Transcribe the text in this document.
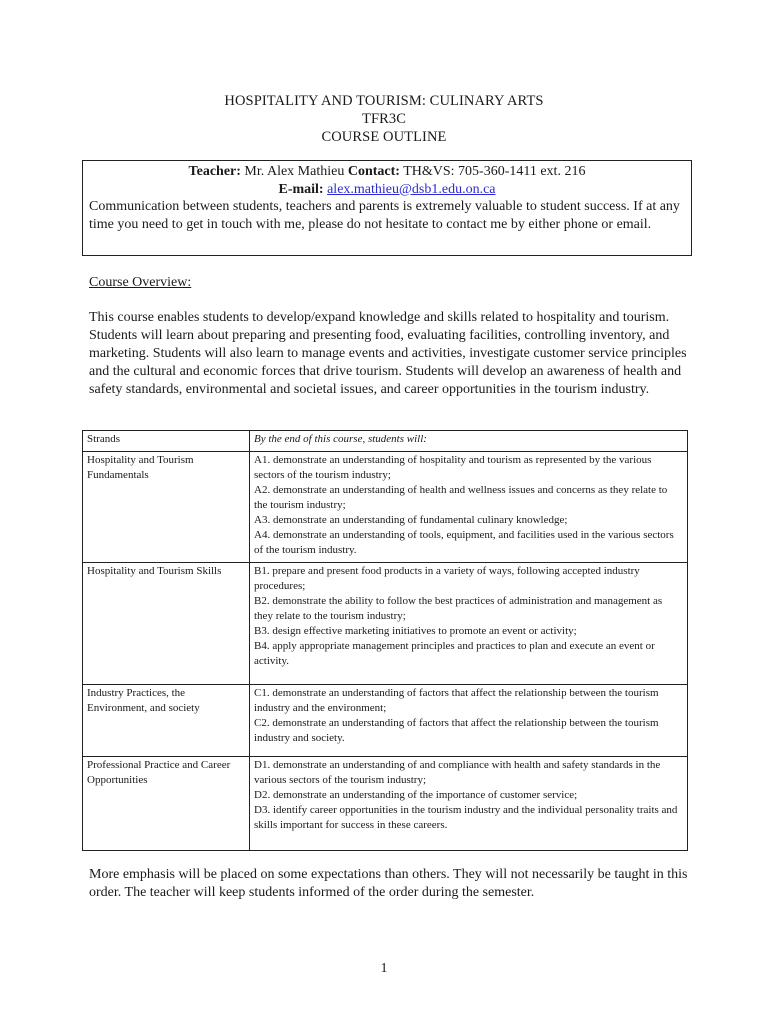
HOSPITALITY AND TOURISM: CULINARY ARTS
TFR3C
COURSE OUTLINE
Teacher: Mr. Alex Mathieu Contact: TH&VS: 705-360-1411 ext. 216
E-mail: alex.mathieu@dsb1.edu.on.ca
Communication between students, teachers and parents is extremely valuable to student success. If at any time you need to get in touch with me, please do not hesitate to contact me by either phone or email.
Course Overview:
This course enables students to develop/expand knowledge and skills related to hospitality and tourism. Students will learn about preparing and presenting food, evaluating facilities, controlling inventory, and marketing. Students will also learn to manage events and activities, investigate customer service principles and the cultural and economic forces that drive tourism. Students will develop an awareness of health and safety standards, environmental and societal issues, and career opportunities in the tourism industry.
Strands	By the end of this course, students will:
Hospitality and Tourism Fundamentals	A1. demonstrate an understanding of hospitality and tourism as represented by the various sectors of the tourism industry;
A2. demonstrate an understanding of health and wellness issues and concerns as they relate to the tourism industry;
A3. demonstrate an understanding of fundamental culinary knowledge;
A4. demonstrate an understanding of tools, equipment, and facilities used in the various sectors of the tourism industry.

Hospitality and Tourism Skills	B1. prepare and present food products in a variety of ways, following accepted industry procedures;
B2. demonstrate the ability to follow the best practices of administration and management as they relate to the tourism industry;
B3. design effective marketing initiatives to promote an event or activity;
B4. apply appropriate management principles and practices to plan and execute an event or activity.

Industry Practices, the Environment, and society	C1. demonstrate an understanding of factors that affect the relationship between the tourism industry and the environment;
C2. demonstrate an understanding of factors that affect the relationship between the tourism industry and society.

Professional Practice and Career Opportunities	D1. demonstrate an understanding of and compliance with health and safety standards in the various sectors of the tourism industry;
D2. demonstrate an understanding of the importance of customer service;
D3. identify career opportunities in the tourism industry and the individual personality traits and skills important for success in these careers.
More emphasis will be placed on some expectations than others. They will not necessarily be taught in this order. The teacher will keep students informed of the order during the semester.
1
